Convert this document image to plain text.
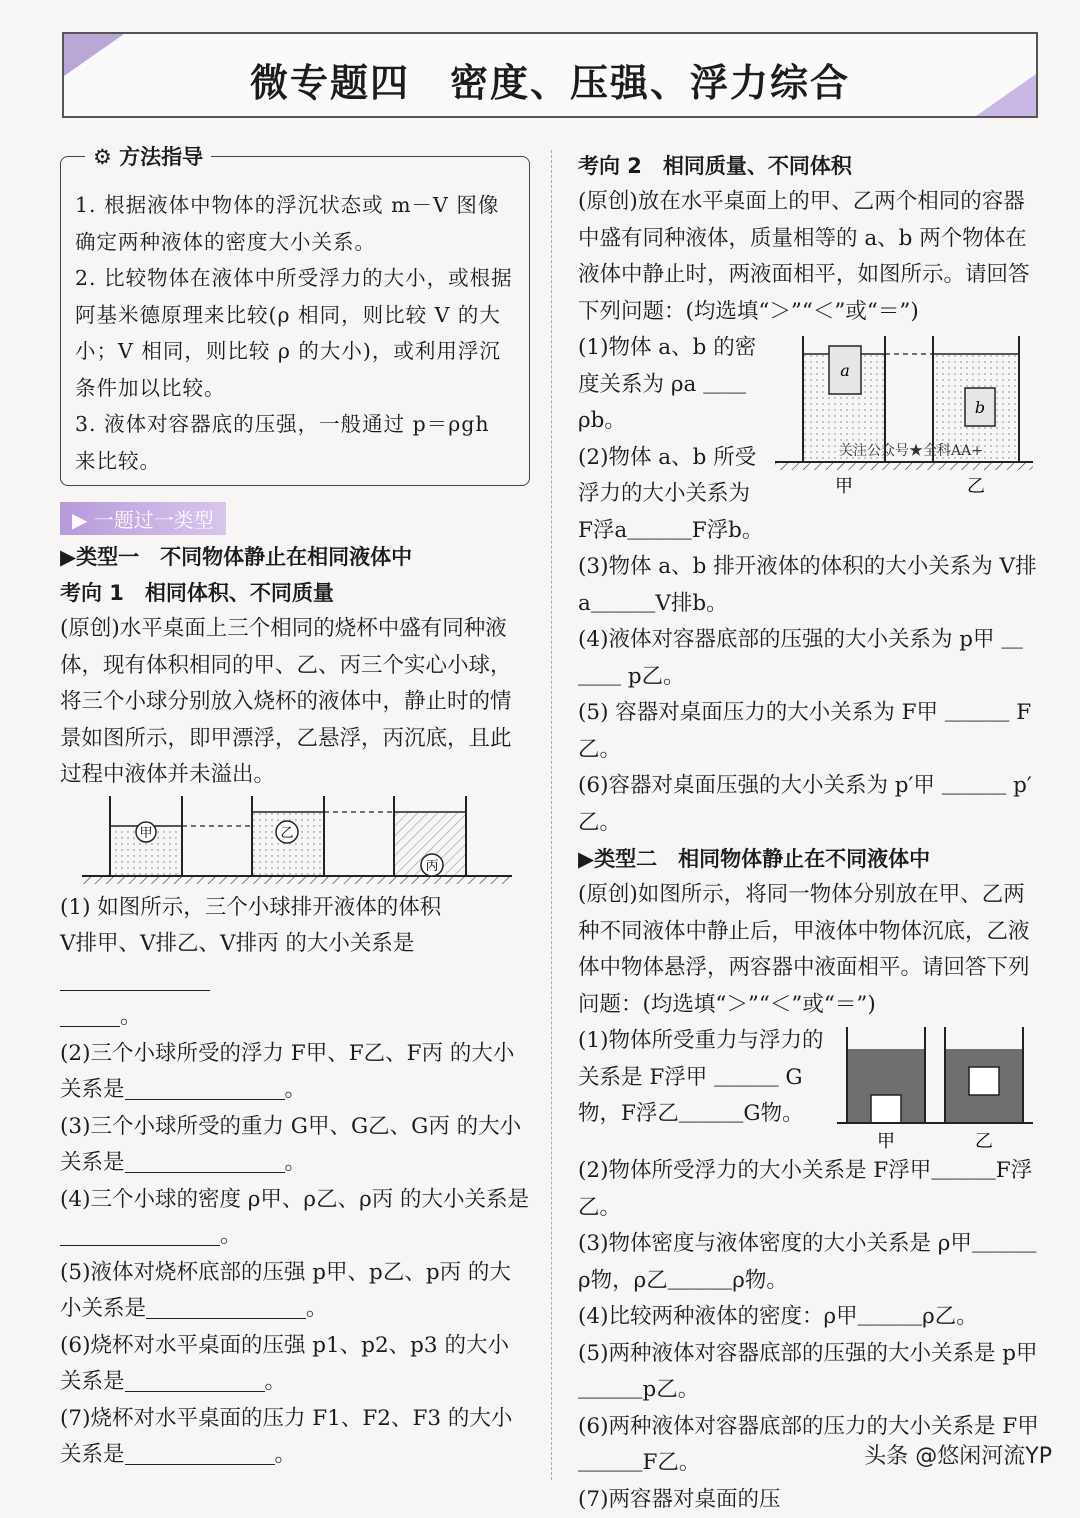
微专题四　密度、压强、浮力综合
⚙ 方法指导

1. 根据液体中物体的浮沉状态或 m－V 图像确定两种液体的密度大小关系。

2. 比较物体在液体中所受浮力的大小，或根据阿基米德原理来比较(ρ 相同，则比较 V 的大小；V 相同，则比较 ρ 的大小)，或利用浮沉条件加以比较。

3. 液体对容器底的压强，一般通过 p＝ρgh 来比较。

▶ 一题过一类型

▶类型一　不同物体静止在相同液体中

考向 1　相同体积、不同质量

(原创)水平桌面上三个相同的烧杯中盛有同种液体，现有体积相同的甲、乙、丙三个实心小球，将三个小球分别放入烧杯的液体中，静止时的情景如图所示，即甲漂浮，乙悬浮，丙沉底，且此过程中液体并未溢出。

甲	乙
丙

(1) 如图所示，三个小球排开液体的体积

V排甲、V排乙、V排丙 的大小关系是

。

(2)三个小球所受的浮力 F甲、F乙、F丙 的大小关系是	。

(3)三个小球所受的重力 G甲、G乙、G丙 的大小关系是	。

(4)三个小球的密度 ρ甲、ρ乙、ρ丙 的大小关系是。

(5)液体对烧杯底部的压强 p甲、p乙、p丙 的大小关系是	。

(6)烧杯对水平桌面的压强 p1、p2、p3 的大小关系是	。

(7)烧杯对水平桌面的压力 F1、F2、F3 的大小关系是	。

考向 2　相同质量、不同体积

(原创)放在水平桌面上的甲、乙两个相同的容器中盛有同种液体，质量相等的 a、b 两个物体在液体中静止时，两液面相平，如图所示。请回答下列问题：(均选填“＞”“＜”或“＝”)

(1)物体 a、b 的密度关系为 ρa ＿＿ ρb。

(2)物体 a、b 所受浮力的大小关系为

F浮a＿＿＿F浮b。

a
b
关注公众号★全科AA+
甲	乙

(3)物体 a、b 排开液体的体积的大小关系为 V排a＿＿＿V排b。

(4)液体对容器底部的压强的大小关系为 p甲 ＿＿＿ p乙。

(5) 容器对桌面压力的大小关系为 F甲 ＿＿＿ F乙。

(6)容器对桌面压强的大小关系为 p′甲 ＿＿＿ p′乙。

▶类型二　相同物体静止在不同液体中

(原创)如图所示，将同一物体分别放在甲、乙两种不同液体中静止后，甲液体中物体沉底，乙液体中物体悬浮，两容器中液面相平。请回答下列问题：(均选填“＞”“＜”或“＝”)

(1)物体所受重力与浮力的关系是 F浮甲 ＿＿＿ G物，F浮乙＿＿＿G物。

甲	乙

(2)物体所受浮力的大小关系是 F浮甲＿＿＿F浮乙。

(3)物体密度与液体密度的大小关系是 ρ甲＿＿＿ρ物，ρ乙＿＿＿ρ物。

(4)比较两种液体的密度：ρ甲＿＿＿ρ乙。

(5)两种液体对容器底部的压强的大小关系是 p甲＿＿＿p乙。

(6)两种液体对容器底部的压力的大小关系是 F甲＿＿＿F乙。

(7)两容器对桌面的压

头条 @悠闲河流YP
